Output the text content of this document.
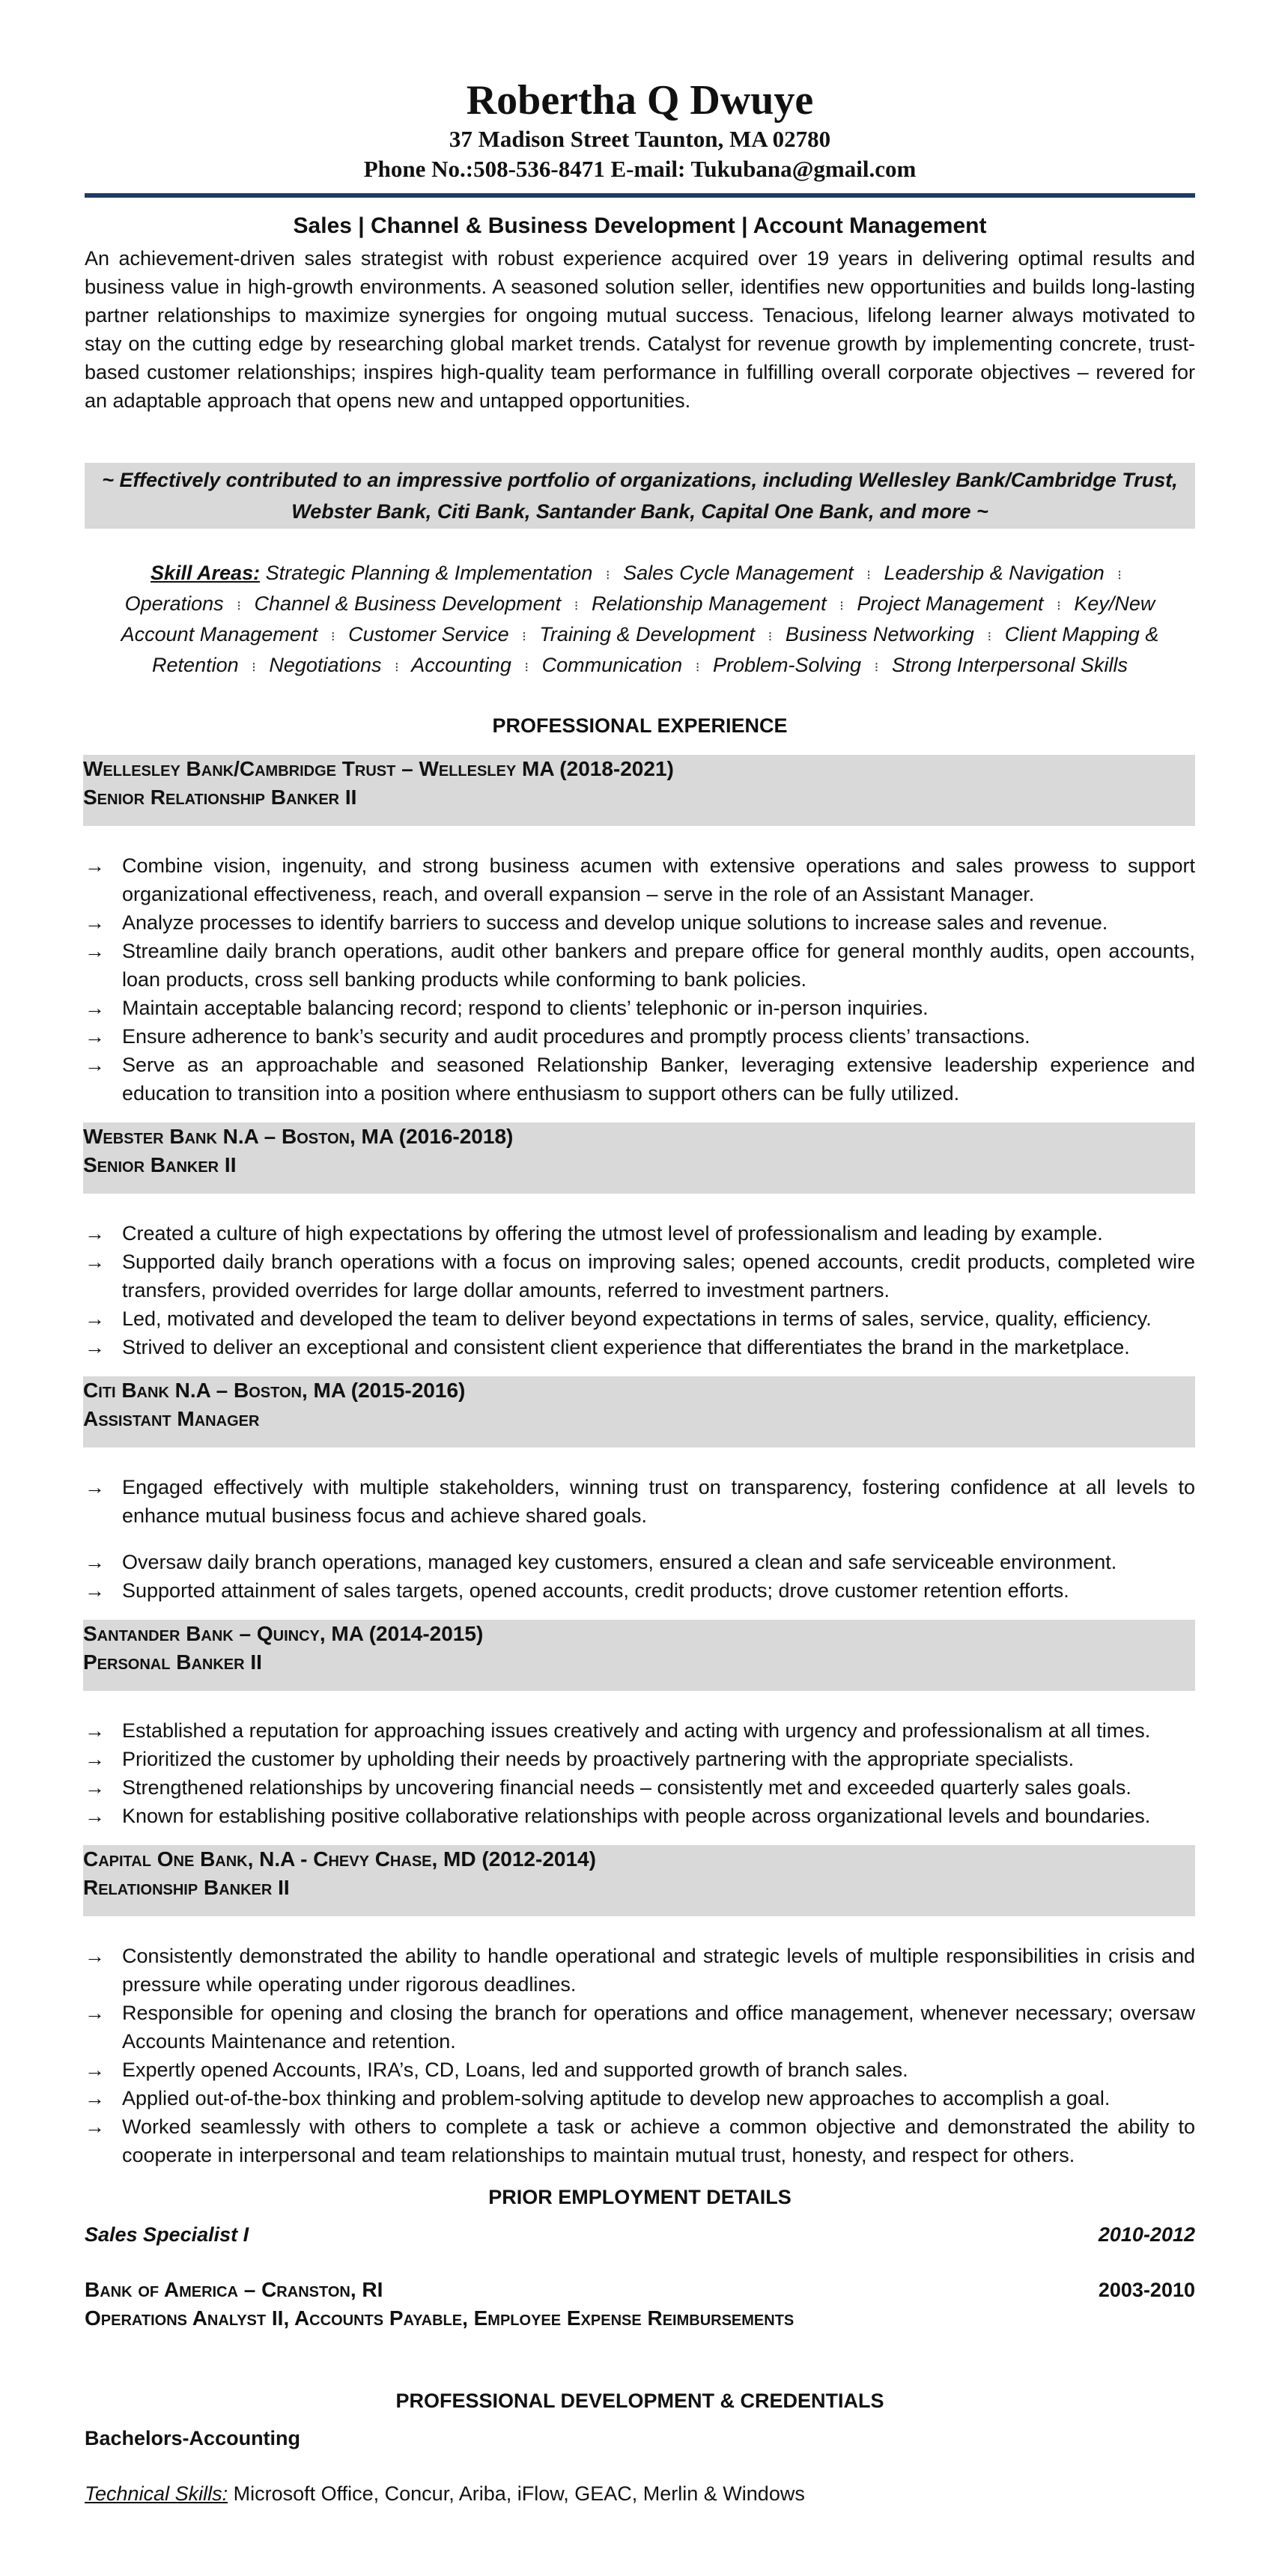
Robertha Q Dwuye
37 Madison Street Taunton, MA 02780
Phone No.:508-536-8471 E-mail: Tukubana@gmail.com
Sales | Channel & Business Development | Account Management

An achievement-driven sales strategist with robust experience acquired over 19 years in delivering optimal results and business value in high-growth environments. A seasoned solution seller, identifies new opportunities and builds long-lasting partner relationships to maximize synergies for ongoing mutual success. Tenacious, lifelong learner always motivated to stay on the cutting edge by researching global market trends. Catalyst for revenue growth by implementing concrete, trust-based customer relationships; inspires high-quality team performance in fulfilling overall corporate objectives – revered for an adaptable approach that opens new and untapped opportunities.

~ Effectively contributed to an impressive portfolio of organizations, including Wellesley Bank/Cambridge Trust, Webster Bank, Citi Bank, Santander Bank, Capital One Bank, and more ~
Skill Areas: Strategic Planning & Implementation ⁝ Sales Cycle Management ⁝ Leadership & Navigation ⁝ Operations ⁝ Channel & Business Development ⁝ Relationship Management ⁝ Project Management ⁝ Key/New Account Management ⁝ Customer Service ⁝ Training & Development ⁝ Business Networking ⁝ Client Mapping & Retention ⁝ Negotiations ⁝ Accounting ⁝ Communication ⁝ Problem-Solving ⁝ Strong Interpersonal Skills
PROFESSIONAL EXPERIENCE
Wellesley Bank/Cambridge Trust – Wellesley MA (2018-2021)
Senior Relationship Banker II
→ Combine vision, ingenuity, and strong business acumen with extensive operations and sales prowess to support organizational effectiveness, reach, and overall expansion – serve in the role of an Assistant Manager.
→ Analyze processes to identify barriers to success and develop unique solutions to increase sales and revenue.
→ Streamline daily branch operations, audit other bankers and prepare office for general monthly audits, open accounts, loan products, cross sell banking products while conforming to bank policies.
→ Maintain acceptable balancing record; respond to clients’ telephonic or in-person inquiries.
→ Ensure adherence to bank’s security and audit procedures and promptly process clients’ transactions.
→ Serve as an approachable and seasoned Relationship Banker, leveraging extensive leadership experience and education to transition into a position where enthusiasm to support others can be fully utilized.
Webster Bank N.A – Boston, MA (2016-2018)
Senior Banker II
→ Created a culture of high expectations by offering the utmost level of professionalism and leading by example.
→ Supported daily branch operations with a focus on improving sales; opened accounts, credit products, completed wire transfers, provided overrides for large dollar amounts, referred to investment partners.
→ Led, motivated and developed the team to deliver beyond expectations in terms of sales, service, quality, efficiency.
→ Strived to deliver an exceptional and consistent client experience that differentiates the brand in the marketplace.
Citi Bank N.A – Boston, MA (2015-2016)
Assistant Manager
→ Engaged effectively with multiple stakeholders, winning trust on transparency, fostering confidence at all levels to enhance mutual business focus and achieve shared goals.
→ Oversaw daily branch operations, managed key customers, ensured a clean and safe serviceable environment.
→ Supported attainment of sales targets, opened accounts, credit products; drove customer retention efforts.
Santander Bank – Quincy, MA (2014-2015)
Personal Banker II
→ Established a reputation for approaching issues creatively and acting with urgency and professionalism at all times.
→ Prioritized the customer by upholding their needs by proactively partnering with the appropriate specialists.
→ Strengthened relationships by uncovering financial needs – consistently met and exceeded quarterly sales goals.
→ Known for establishing positive collaborative relationships with people across organizational levels and boundaries.
Capital One Bank, N.A - Chevy Chase, MD (2012-2014)
Relationship Banker II
→ Consistently demonstrated the ability to handle operational and strategic levels of multiple responsibilities in crisis and pressure while operating under rigorous deadlines.
→ Responsible for opening and closing the branch for operations and office management, whenever necessary; oversaw Accounts Maintenance and retention.
→ Expertly opened Accounts, IRA’s, CD, Loans, led and supported growth of branch sales.
→ Applied out-of-the-box thinking and problem-solving aptitude to develop new approaches to accomplish a goal.
→ Worked seamlessly with others to complete a task or achieve a common objective and demonstrated the ability to cooperate in interpersonal and team relationships to maintain mutual trust, honesty, and respect for others.
PRIOR EMPLOYMENT DETAILS
Sales Specialist I	2010-2012
Bank of America – Cranston, RI	2003-2010
Operations Analyst II, Accounts Payable, Employee Expense Reimbursements
PROFESSIONAL DEVELOPMENT & CREDENTIALS
Bachelors-Accounting
Technical Skills: Microsoft Office, Concur, Ariba, iFlow, GEAC, Merlin & Windows
